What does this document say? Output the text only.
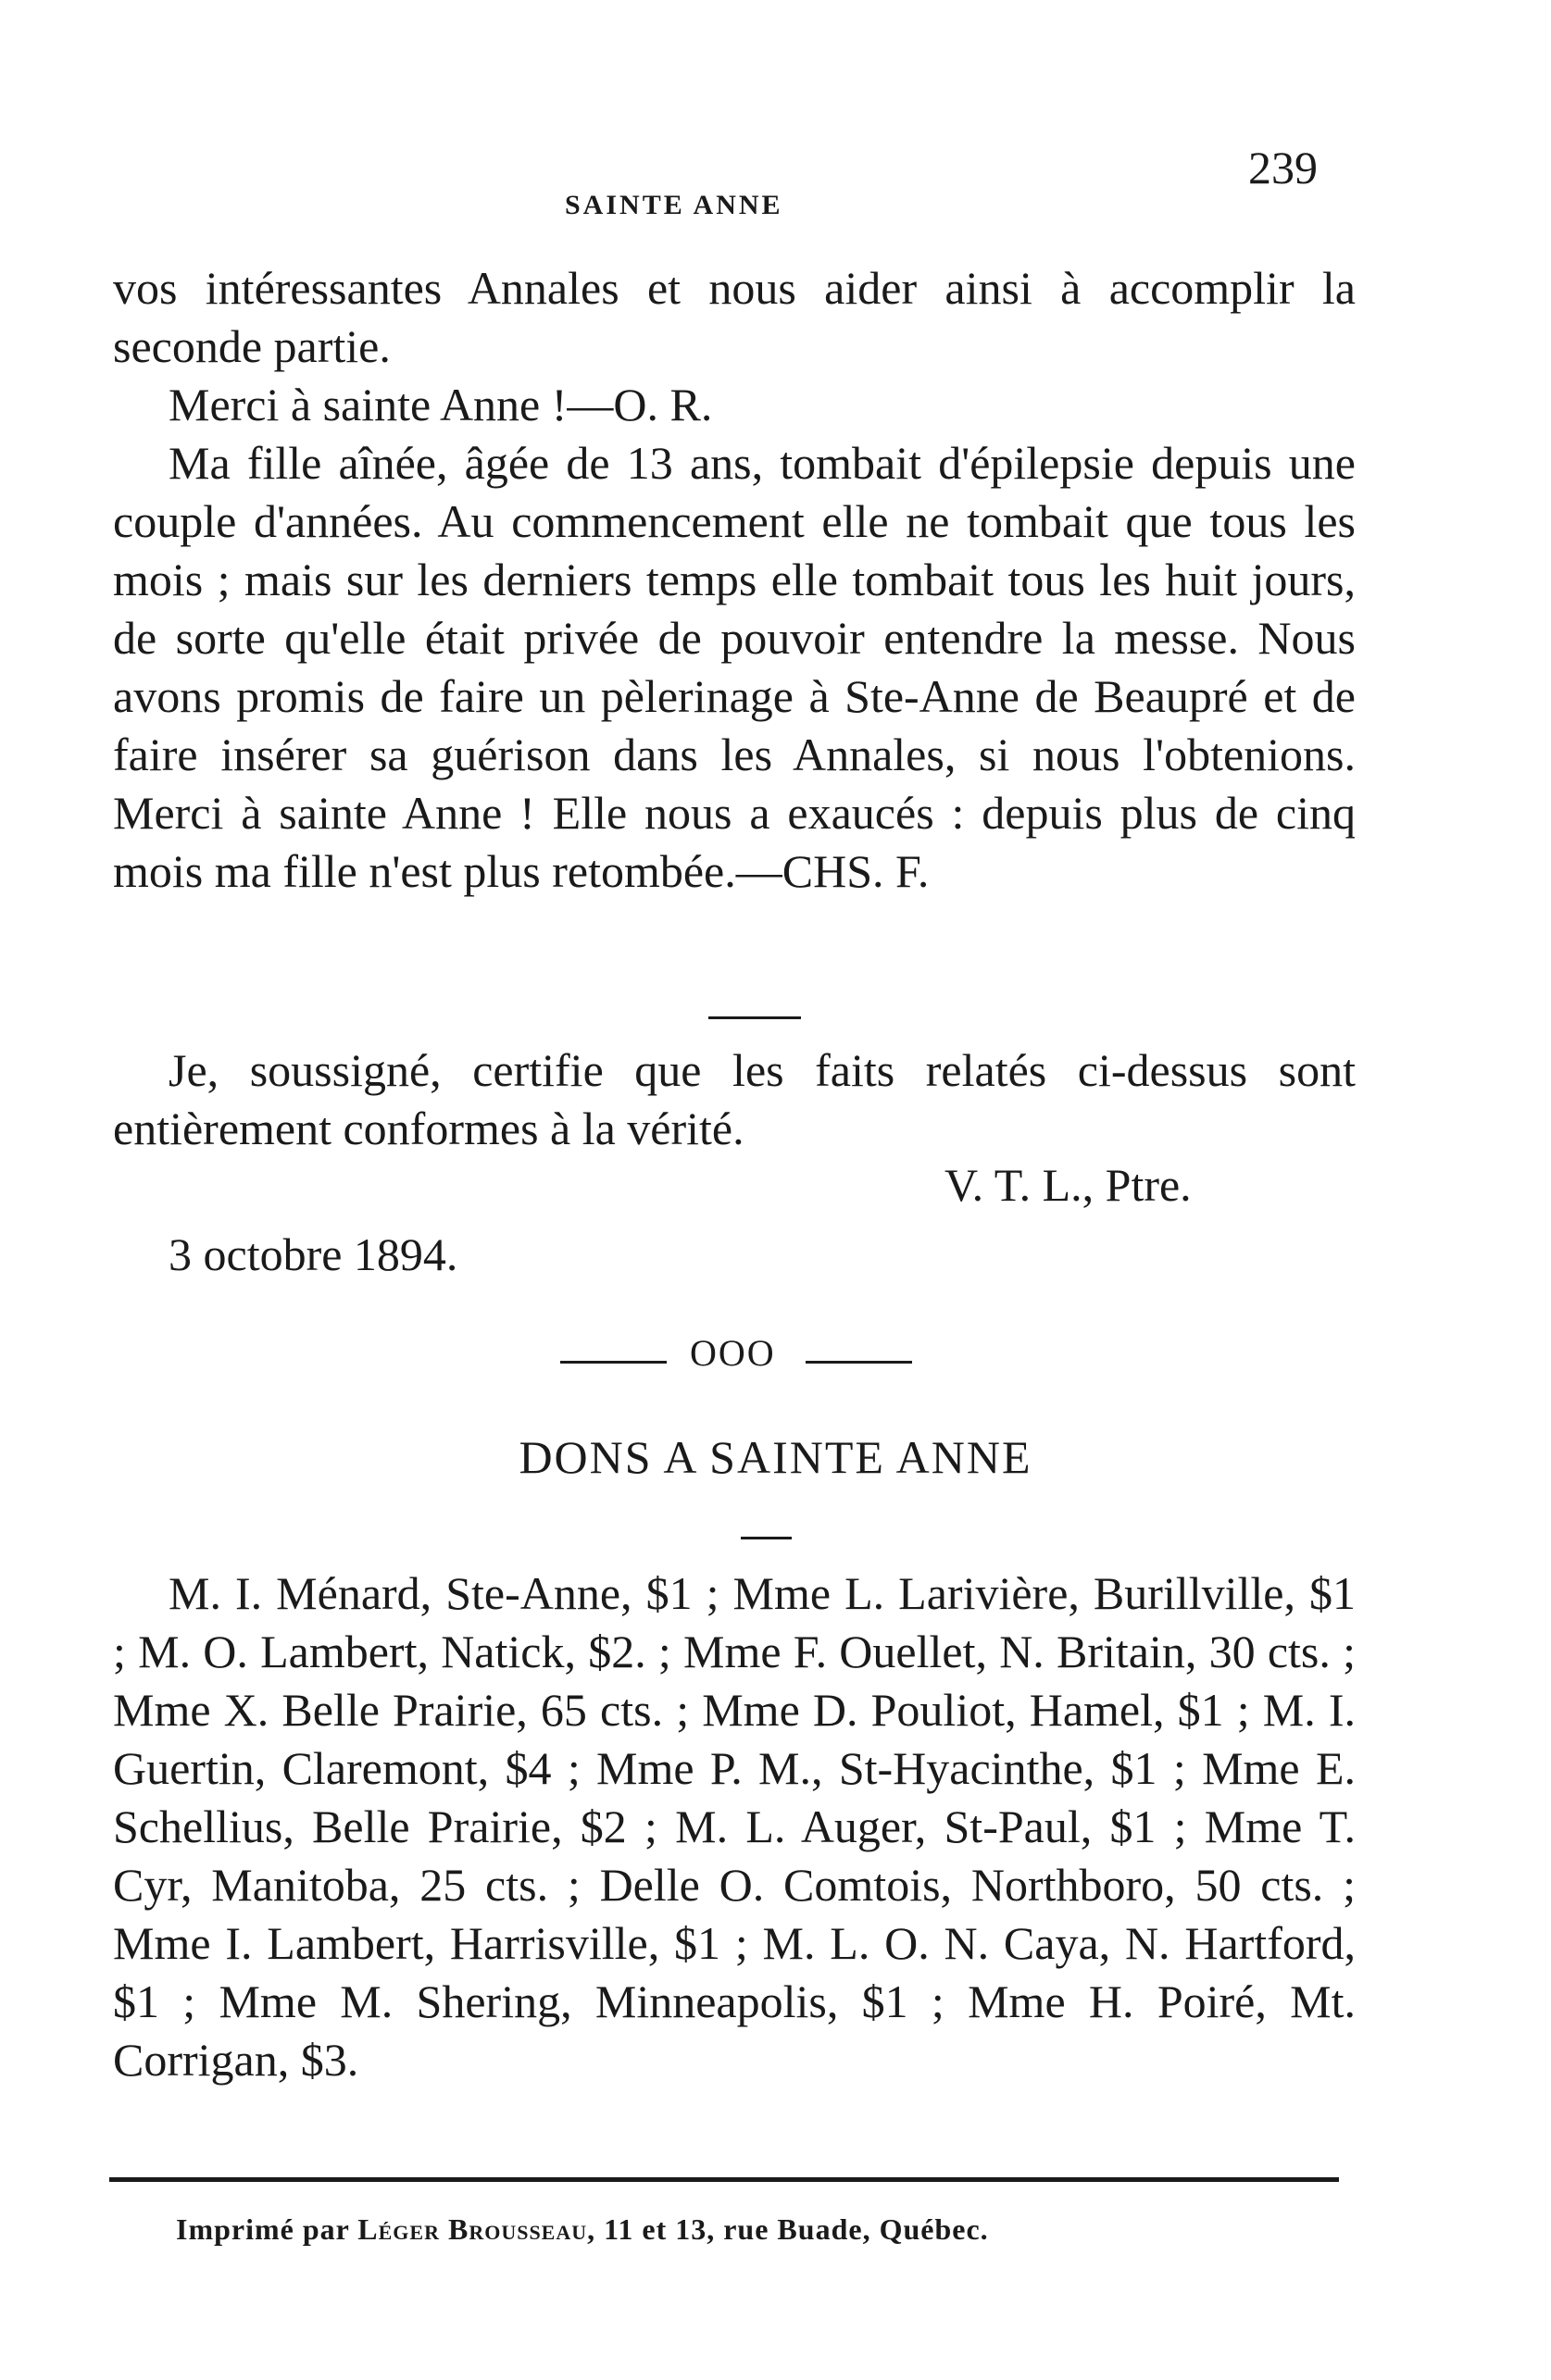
SAINTE ANNE
239
vos intéressantes Annales et nous aider ainsi à accomplir la seconde partie.
Merci à sainte Anne !—O. R.
Ma fille aînée, âgée de 13 ans, tombait d'épilepsie depuis une couple d'années. Au commencement elle ne tombait que tous les mois ; mais sur les derniers temps elle tombait tous les huit jours, de sorte qu'elle était privée de pouvoir entendre la messe. Nous avons promis de faire un pèlerinage à Ste-Anne de Beaupré et de faire insérer sa guérison dans les Annales, si nous l'obtenions. Merci à sainte Anne ! Elle nous a exaucés : depuis plus de cinq mois ma fille n'est plus retombée.—CHS. F.
Je, soussigné, certifie que les faits relatés ci-dessus sont entièrement conformes à la vérité.
V. T. L., Ptre.
3 octobre 1894.
OOO
DONS A SAINTE ANNE
M. I. Ménard, Ste-Anne, $1 ; Mme L. Larivière, Burillville, $1 ; M. O. Lambert, Natick, $2. ; Mme F. Ouellet, N. Britain, 30 cts. ; Mme X. Belle Prairie, 65 cts. ; Mme D. Pouliot, Hamel, $1 ; M. I. Guertin, Claremont, $4 ; Mme P. M., St-Hyacinthe, $1 ; Mme E. Schellius, Belle Prairie, $2 ; M. L. Auger, St-Paul, $1 ; Mme T. Cyr, Manitoba, 25 cts. ; Delle O. Comtois, Northboro, 50 cts. ; Mme I. Lambert, Harrisville, $1 ; M. L. O. N. Caya, N. Hartford, $1 ; Mme M. Shering, Minneapolis, $1 ; Mme H. Poiré, Mt. Corrigan, $3.
Imprimé par Léger Brousseau, 11 et 13, rue Buade, Québec.
